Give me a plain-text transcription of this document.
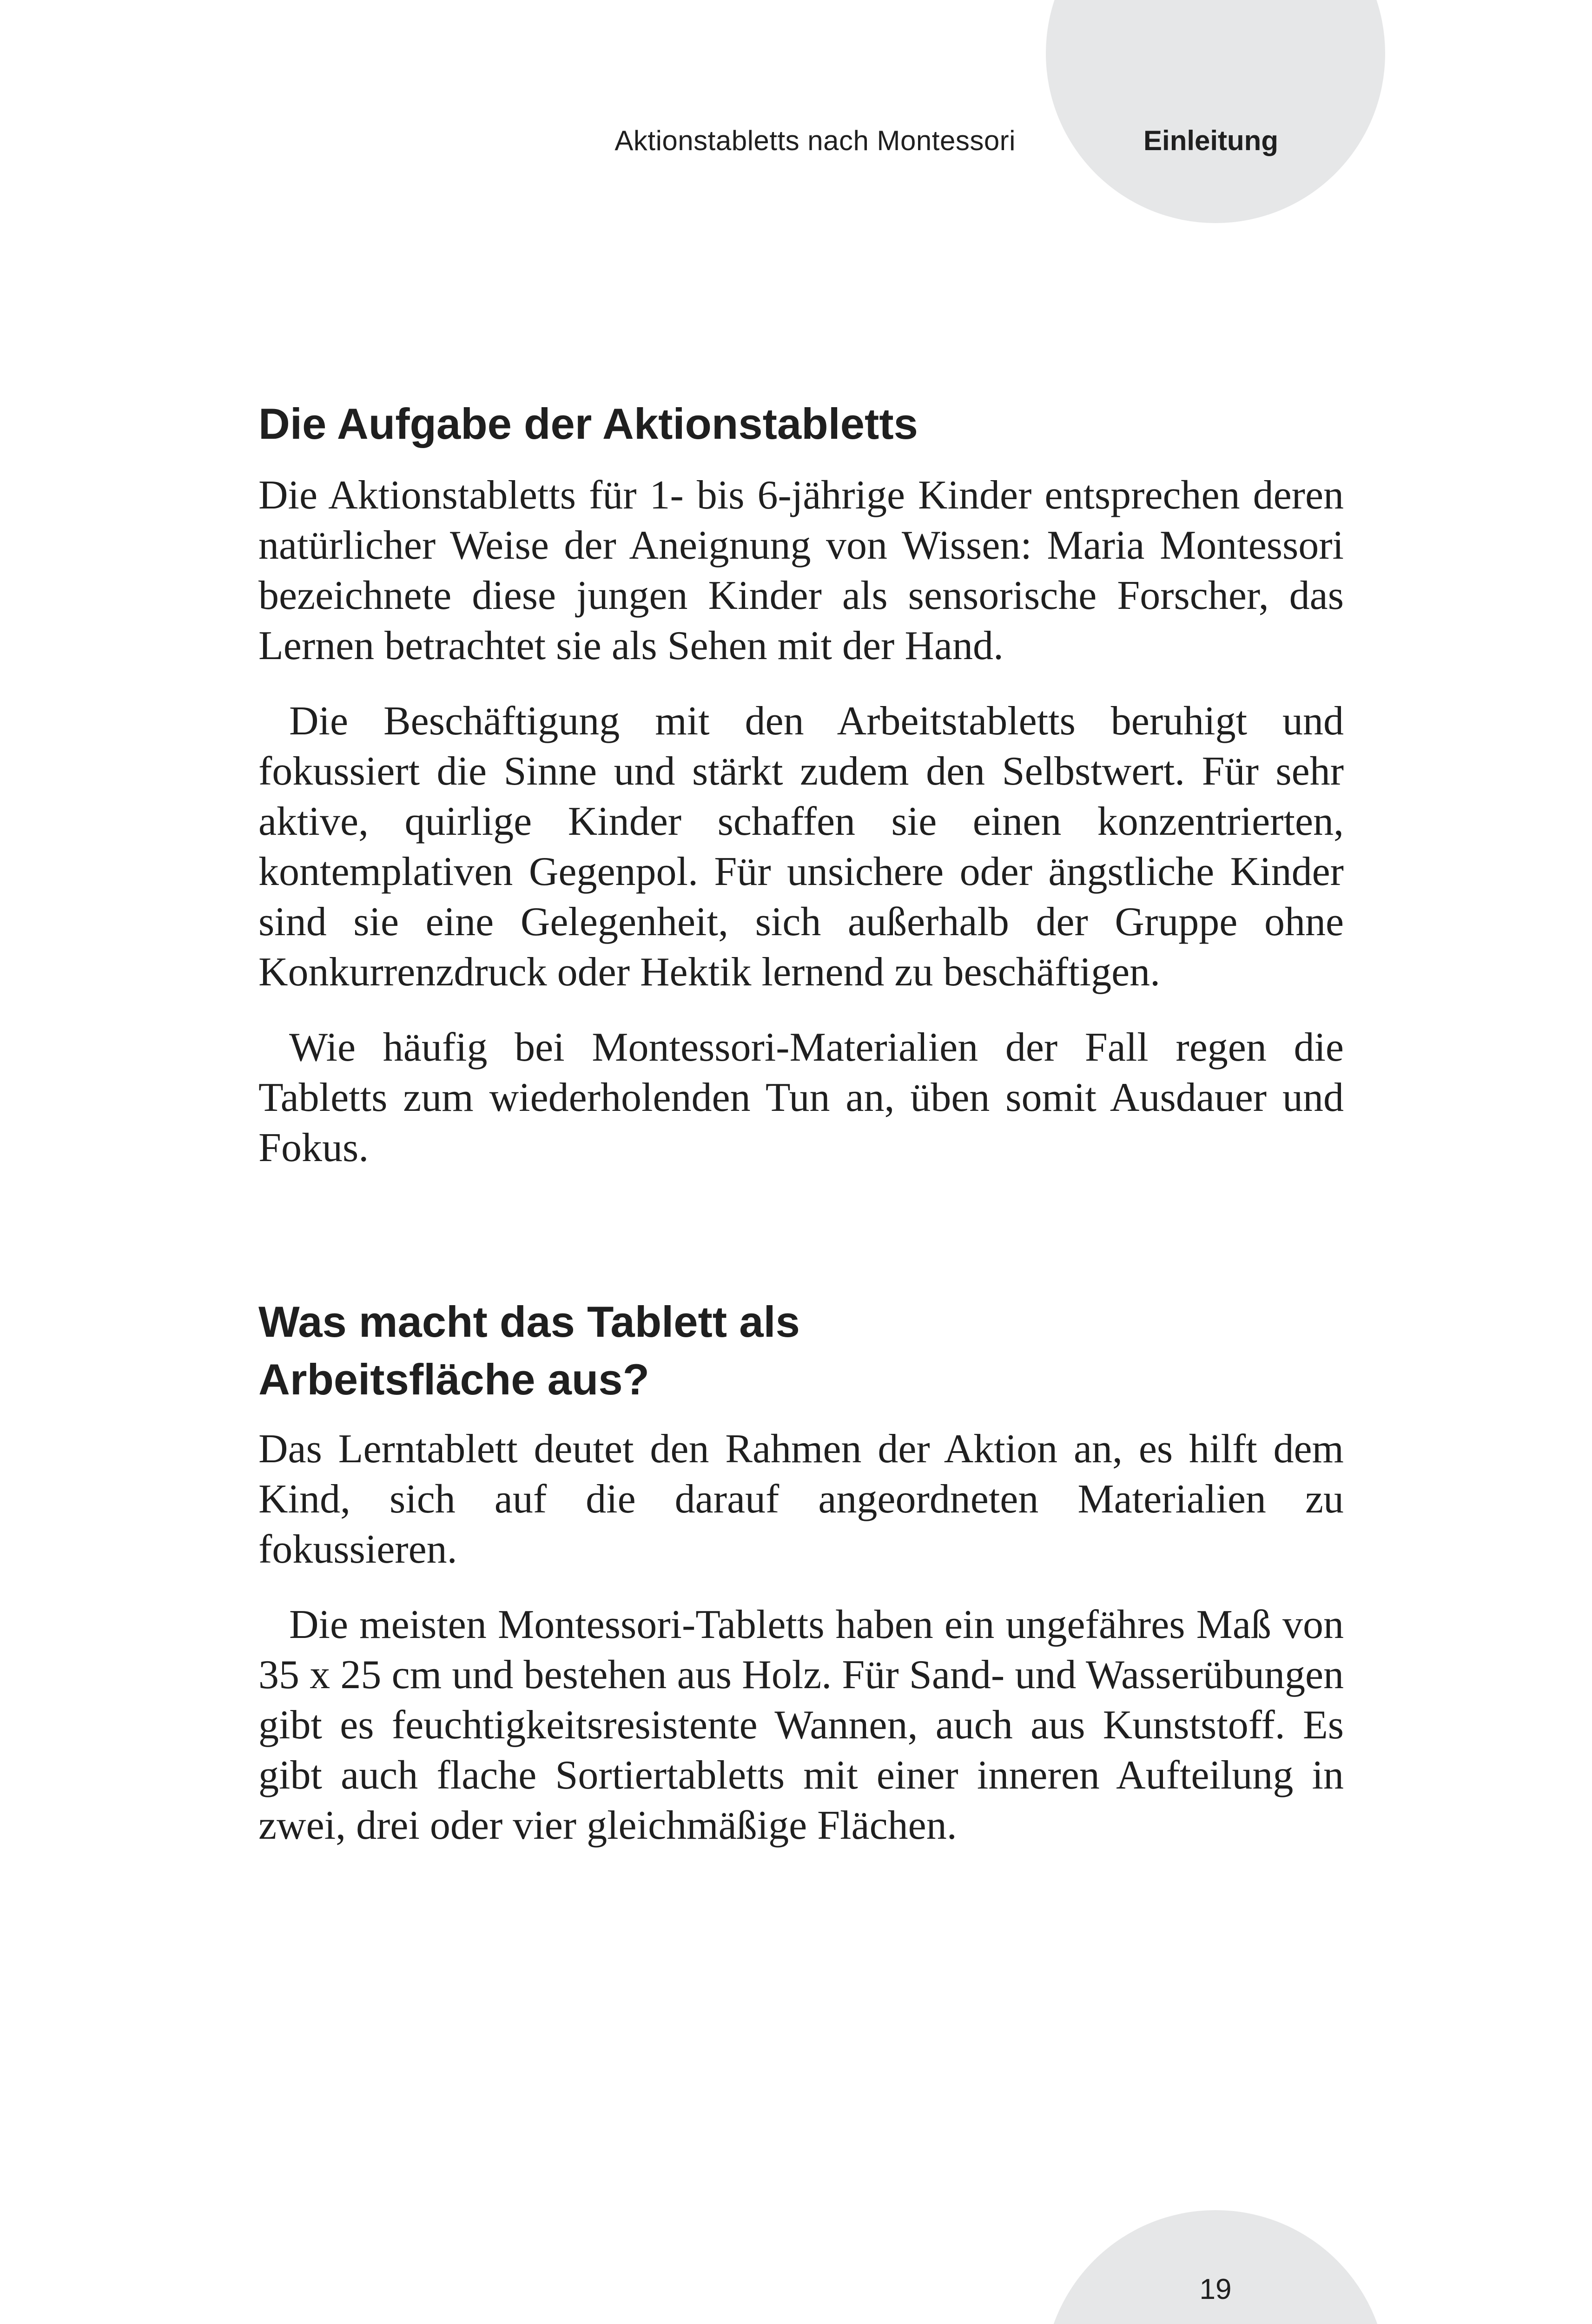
Aktionstabletts nach Montessori	Einleitung
Die Aufgabe der Aktionstabletts

Die Aktionstabletts für 1- bis 6-jährige Kinder entsprechen deren natürlicher Weise der Aneignung von Wissen: Maria Montessori bezeichnete diese jungen Kinder als sensorische Forscher, das Lernen betrachtet sie als Sehen mit der Hand.

Die Beschäftigung mit den Arbeitstabletts beruhigt und fokussiert die Sinne und stärkt zudem den Selbstwert. Für sehr aktive, quirlige Kinder schaffen sie einen konzentrierten, kontemplativen Gegenpol. Für unsichere oder ängstliche Kinder sind sie eine Gelegenheit, sich außerhalb der Gruppe ohne Konkurrenzdruck oder Hektik lernend zu beschäftigen.

Wie häufig bei Montessori-Materialien der Fall regen die Tabletts zum wiederholenden Tun an, üben somit Ausdauer und Fokus.

Was macht das Tablett als Arbeitsfläche aus?

Das Lerntablett deutet den Rahmen der Aktion an, es hilft dem Kind, sich auf die darauf angeordneten Materialien zu fokussieren.

Die meisten Montessori-Tabletts haben ein ungefähres Maß von 35 x 25 cm und bestehen aus Holz. Für Sand- und Wasserübungen gibt es feuchtigkeitsresistente Wannen, auch aus Kunststoff. Es gibt auch flache Sortiertabletts mit einer inneren Aufteilung in zwei, drei oder vier gleichmäßige Flächen.

19
